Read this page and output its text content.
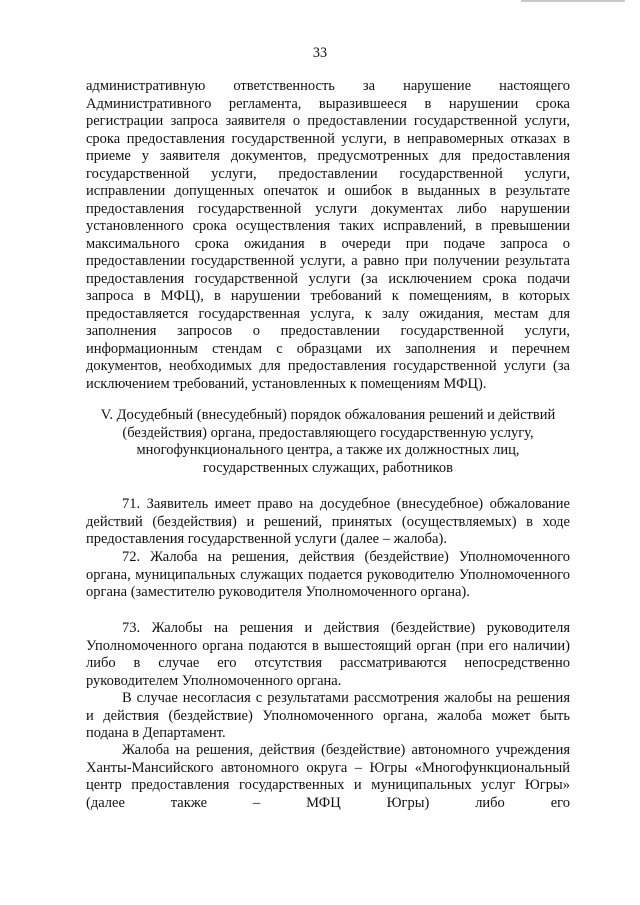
33

административную ответственность за нарушение настоящего Административного регламента, выразившееся в нарушении срока регистрации запроса заявителя о предоставлении государственной услуги, срока предоставления государственной услуги, в неправомерных отказах в приеме у заявителя документов, предусмотренных для предоставления государственной услуги, предоставлении государственной услуги, исправлении допущенных опечаток и ошибок в выданных в результате предоставления государственной услуги документах либо нарушении установленного срока осуществления таких исправлений, в превышении максимального срока ожидания в очереди при подаче запроса о предоставлении государственной услуги, а равно при получении результата предоставления государственной услуги (за исключением срока подачи запроса в МФЦ), в нарушении требований к помещениям, в которых предоставляется государственная услуга, к залу ожидания, местам для заполнения запросов о предоставлении государственной услуги, информационным стендам с образцами их заполнения и перечнем документов, необходимых для предоставления государственной услуги (за
исключением требований, установленных к помещениям МФЦ).

V. Досудебный (внесудебный) порядок обжалования решений и действий (бездействия) органа, предоставляющего государственную услугу, многофункционального центра, а также их должностных лиц, государственных служащих, работников

71. Заявитель имеет право на досудебное (внесудебное) обжалование действий (бездействия) и решений, принятых (осуществляемых) в ходе предоставления государственной услуги (далее – жалоба).

72. Жалоба на решения, действия (бездействие) Уполномоченного органа, муниципальных служащих подается руководителю Уполномоченного органа (заместителю руководителя Уполномоченного органа).

73. Жалобы на решения и действия (бездействие) руководителя Уполномоченного органа подаются в вышестоящий орган (при его наличии) либо в случае его отсутствия рассматриваются непосредственно руководителем Уполномоченного органа.

В случае несогласия с результатами рассмотрения жалобы на решения и действия (бездействие) Уполномоченного органа, жалоба может быть подана в Департамент.

Жалоба на решения, действия (бездействие) автономного учреждения Ханты-Мансийского автономного округа – Югры «Многофункциональный центр предоставления государственных и муниципальных услуг Югры» (далее также – МФЦ Югры) либо его
